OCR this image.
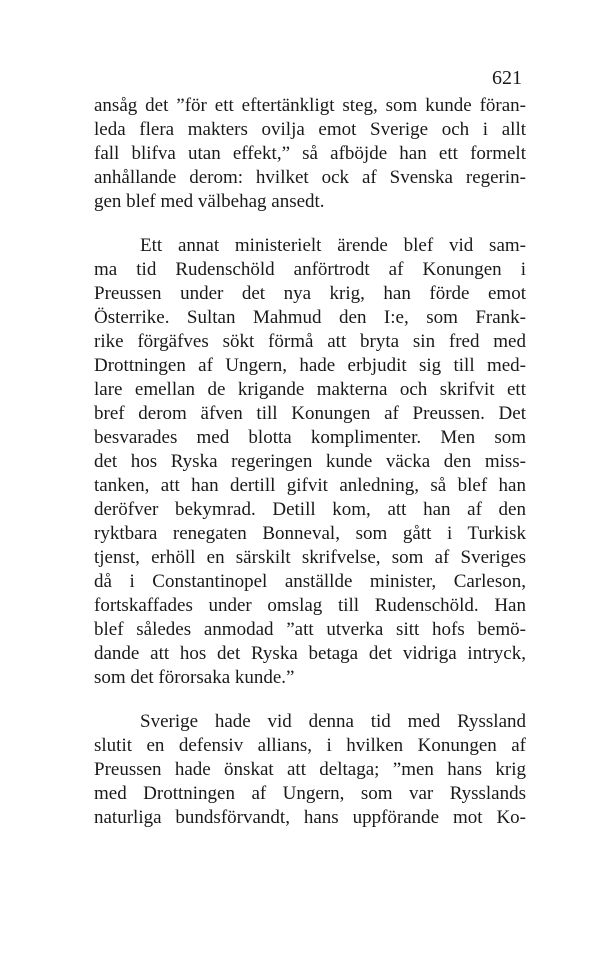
621
ansåg det ”för ett eftertänkligt steg, som kunde föran-
leda flera makters ovilja emot Sverige och i allt
fall blifva utan effekt,” så afböjde han ett formelt
anhållande derom: hvilket ock af Svenska regerin-
gen blef med välbehag ansedt.
Ett annat ministerielt ärende blef vid sam-
ma tid Rudenschöld anförtrodt af Konungen i
Preussen under det nya krig, han förde emot
Österrike. Sultan Mahmud den I:e, som Frank-
rike förgäfves sökt förmå att bryta sin fred med
Drottningen af Ungern, hade erbjudit sig till med-
lare emellan de krigande makterna och skrifvit ett
bref derom äfven till Konungen af Preussen. Det
besvarades med blotta komplimenter. Men som
det hos Ryska regeringen kunde väcka den miss-
tanken, att han dertill gifvit anledning, så blef han
deröfver bekymrad. Detill kom, att han af den
ryktbara renegaten Bonneval, som gått i Turkisk
tjenst, erhöll en särskilt skrifvelse, som af Sveriges
då i Constantinopel anställde minister, Carleson,
fortskaffades under omslag till Rudenschöld. Han
blef således anmodad ”att utverka sitt hofs bemö-
dande att hos det Ryska betaga det vidriga intryck,
som det förorsaka kunde.”
Sverige hade vid denna tid med Ryssland
slutit en defensiv allians, i hvilken Konungen af
Preussen hade önskat att deltaga; ”men hans krig
med Drottningen af Ungern, som var Rysslands
naturliga bundsförvandt, hans uppförande mot Ko-
